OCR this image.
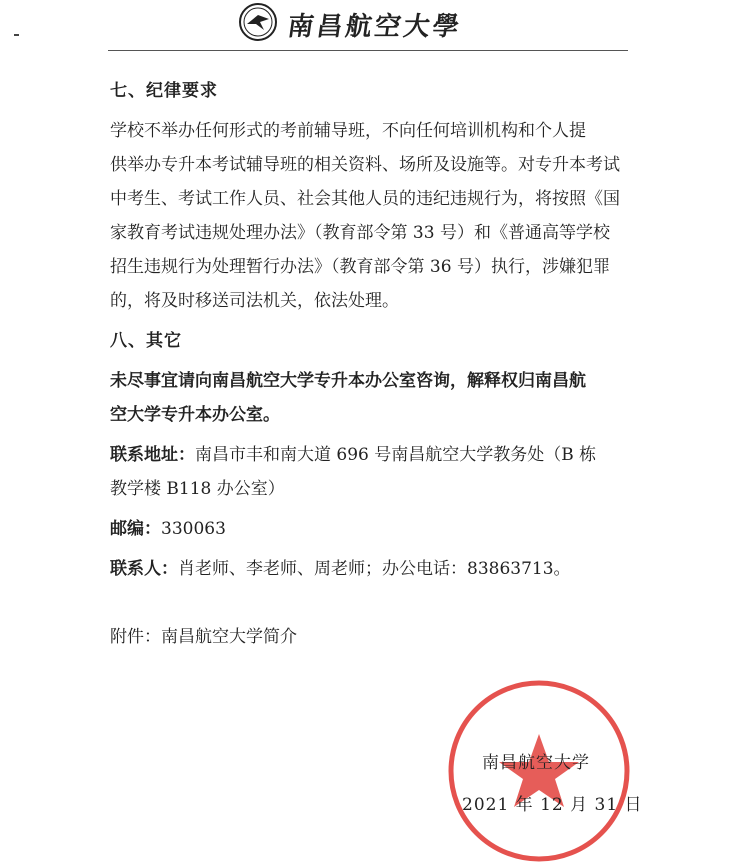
南昌航空大學

七、纪律要求

学校不举办任何形式的考前辅导班，不向任何培训机构和个人提

供举办专升本考试辅导班的相关资料、场所及设施等。对专升本考试

中考生、考试工作人员、社会其他人员的违纪违规行为，将按照《国

家教育考试违规处理办法》（教育部令第 33 号）和《普通高等学校

招生违规行为处理暂行办法》（教育部令第 36 号）执行，涉嫌犯罪

的，将及时移送司法机关，依法处理。

八、其它

未尽事宜请向南昌航空大学专升本办公室咨询，解释权归南昌航

空大学专升本办公室。

联系地址：南昌市丰和南大道 696 号南昌航空大学教务处（B 栋

教学楼 B118 办公室）

邮编：330063

联系人：肖老师、李老师、周老师；办公电话：83863713。

附件：南昌航空大学简介

南昌航空大学
2021 年 12 月 31 日
